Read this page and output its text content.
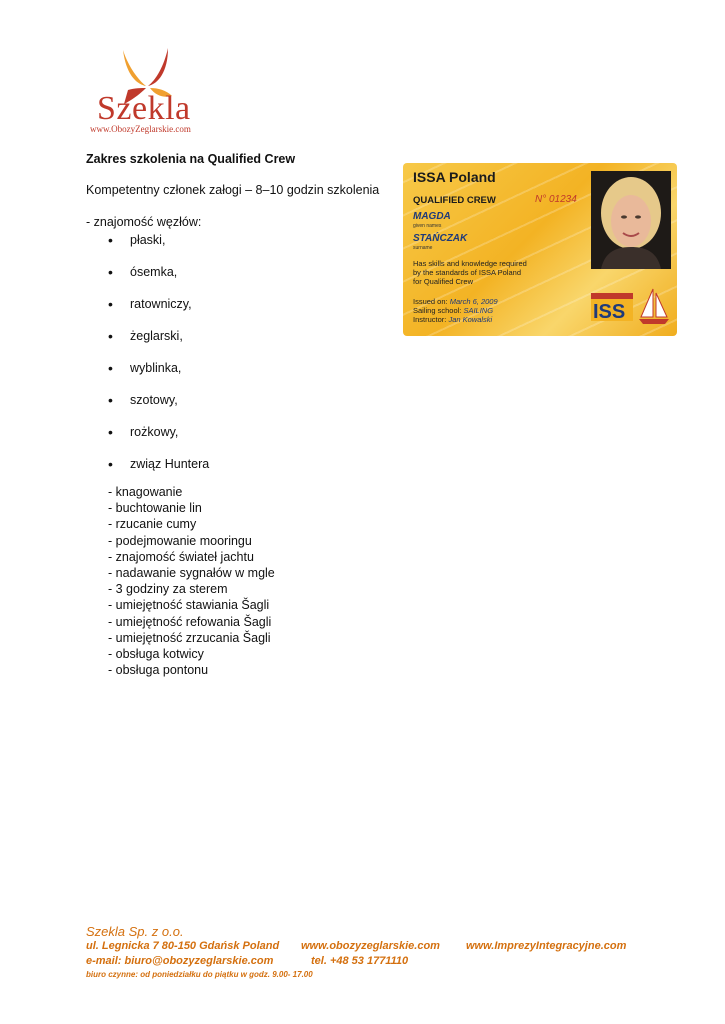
Szekla
www.ObozyZeglarskie.com
Zakres szkolenia na Qualified Crew
Kompetentny członek załogi – 8–10 godzin szkolenia
- znajomość węzłów:
• płaski,
• ósemka,
• ratowniczy,
• żeglarski,
• wyblinka,
• szotowy,
• rożkowy,
• związ Huntera
- knagowanie
- buchtowanie lin
- rzucanie cumy
- podejmowanie mooringu
- znajomość świateł jachtu
- nadawanie sygnałów w mgle
- 3 godziny za sterem
- umiejętność stawiania Šagli
- umiejętność refowania Šagli
- umiejętność zrzucania Šagli
- obsługa kotwicy
- obsługa pontonu
ISSA Poland
QUALIFIED CREW	N° 01234
MAGDA
given names
STAŃCZAK
surname
Has skills and knowledge required
by the standards of ISSA Poland
for Qualified Crew
Issued on: March 6, 2009
Sailing school: SAILING
Instructor: Jan Kowalski	ISS
Szekla Sp. z o.o.
ul. Legnicka 7 80-150 Gdańsk Poland www.obozyzeglarskie.com www.ImprezyIntegracyjne.com
e-mail: biuro@obozyzeglarskie.com	tel. +48 53 1771110
biuro czynne: od poniedziałku do piątku w godz. 9.00- 17.00
